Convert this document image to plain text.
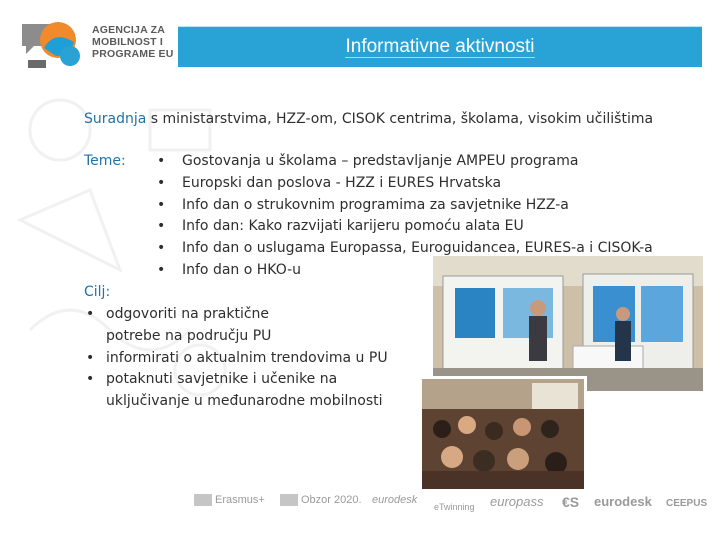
AGENCIJA ZA
MOBILNOST I
PROGRAME EU	Informativne aktivnosti
Suradnja s ministarstvima, HZZ-om, CISOK centrima, školama, visokim učilištima
Teme: • Gostovanja u školama – predstavljanje AMPEU programa
• Europski dan poslova - HZZ i EURES Hrvatska
• Info dan o strukovnim programima za savjetnike HZZ-a
• Info dan: Kako razvijati karijeru pomoću alata EU
• Info dan o uslugama Europassa, Euroguidancea, EURES-a i CISOK-a
• Info dan o HKO-u
Cilj:
• odgovoriti na praktične potrebe na području PU
• informirati o aktualnim trendovima u PU
• potaknuti savjetnike i učenike na uključivanje u međunarodne mobilnosti
Erasmus+	Obzor 2020. eurodesk
eTwinning europass €S eurodesk CEEPUS
